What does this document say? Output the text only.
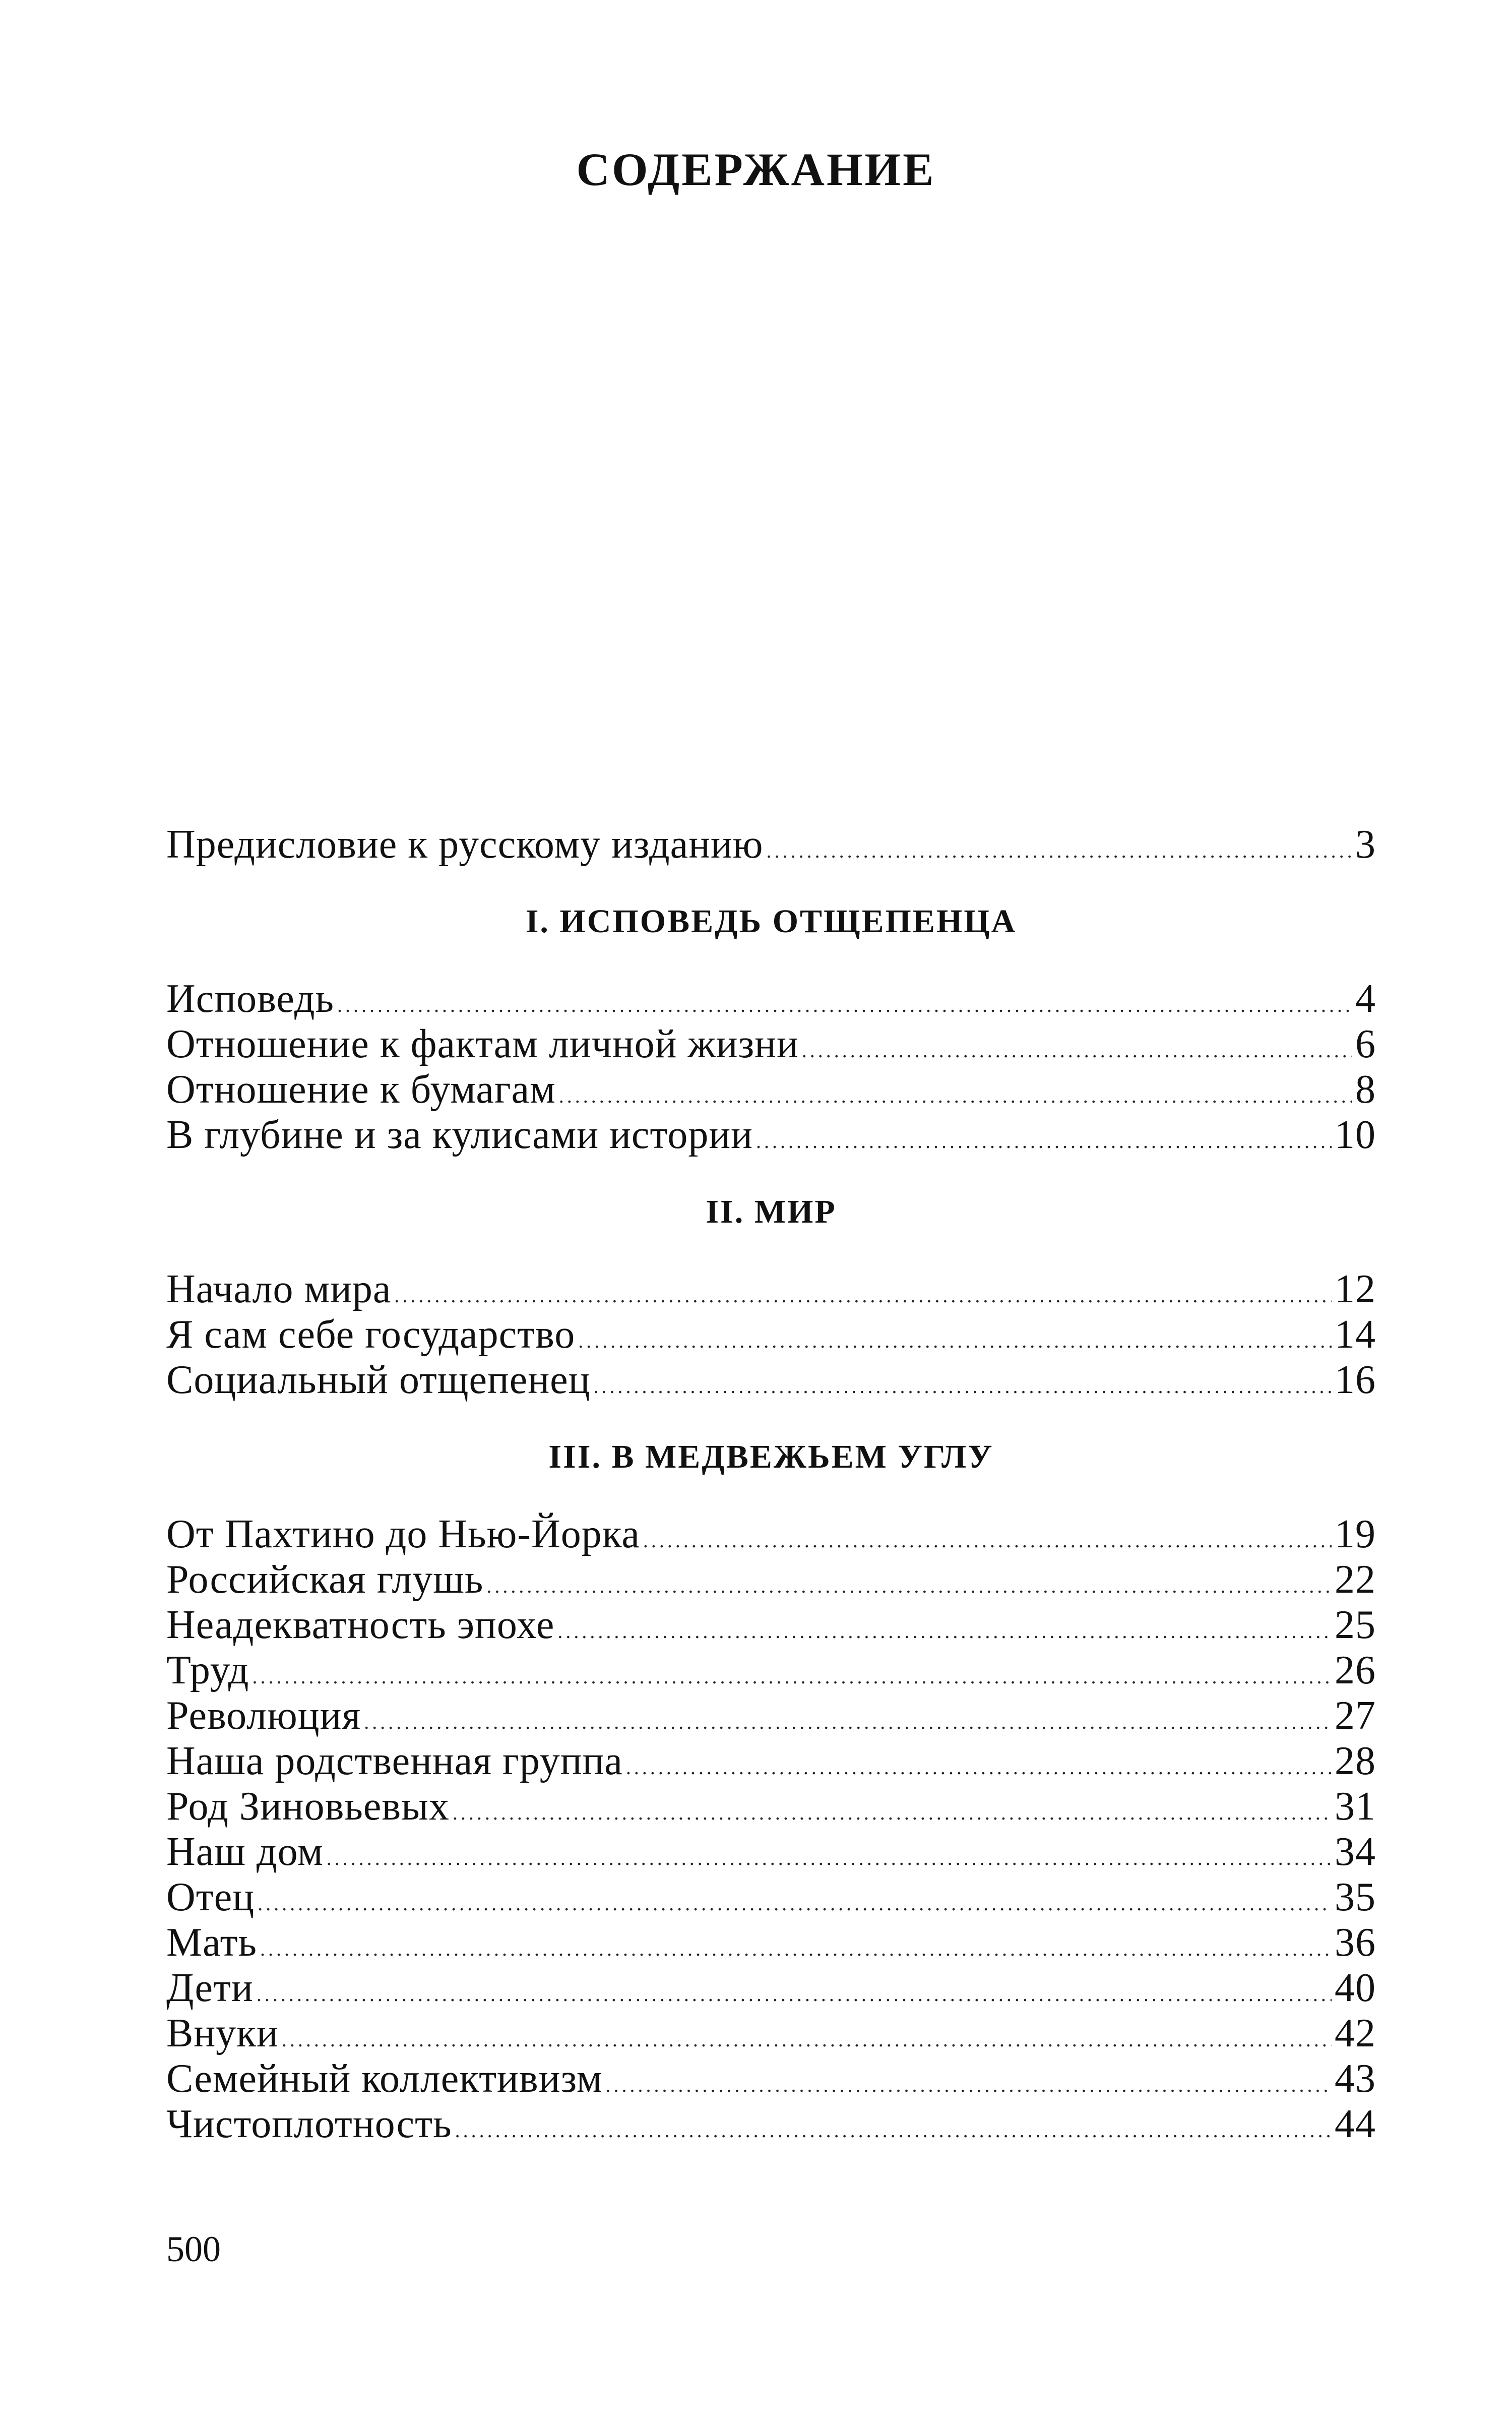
СОДЕРЖАНИЕ
Предисловие к русскому изданию .....	3
I. ИСПОВЕДЬ ОТЩЕПЕНЦА
Исповедь .....	4
Отношение к фактам личной жизни .....	6
Отношение к бумагам .....	8
В глубине и за кулисами истории .....	10
II. МИР
Начало мира .....	12
Я сам себе государство .....	14
Социальный отщепенец .....	16
III. В МЕДВЕЖЬЕМ УГЛУ
От Пахтино до Нью-Йорка .....	19
Российская глушь .....	22
Неадекватность эпохе .....	25
Труд .....	26
Революция .....	27
Наша родственная группа .....	28
Род Зиновьевых .....	31
Наш дом .....	34
Отец .....	35
Мать .....	36
Дети .....	40
Внуки .....	42
Семейный коллективизм .....	43
Чистоплотность .....	44
500
